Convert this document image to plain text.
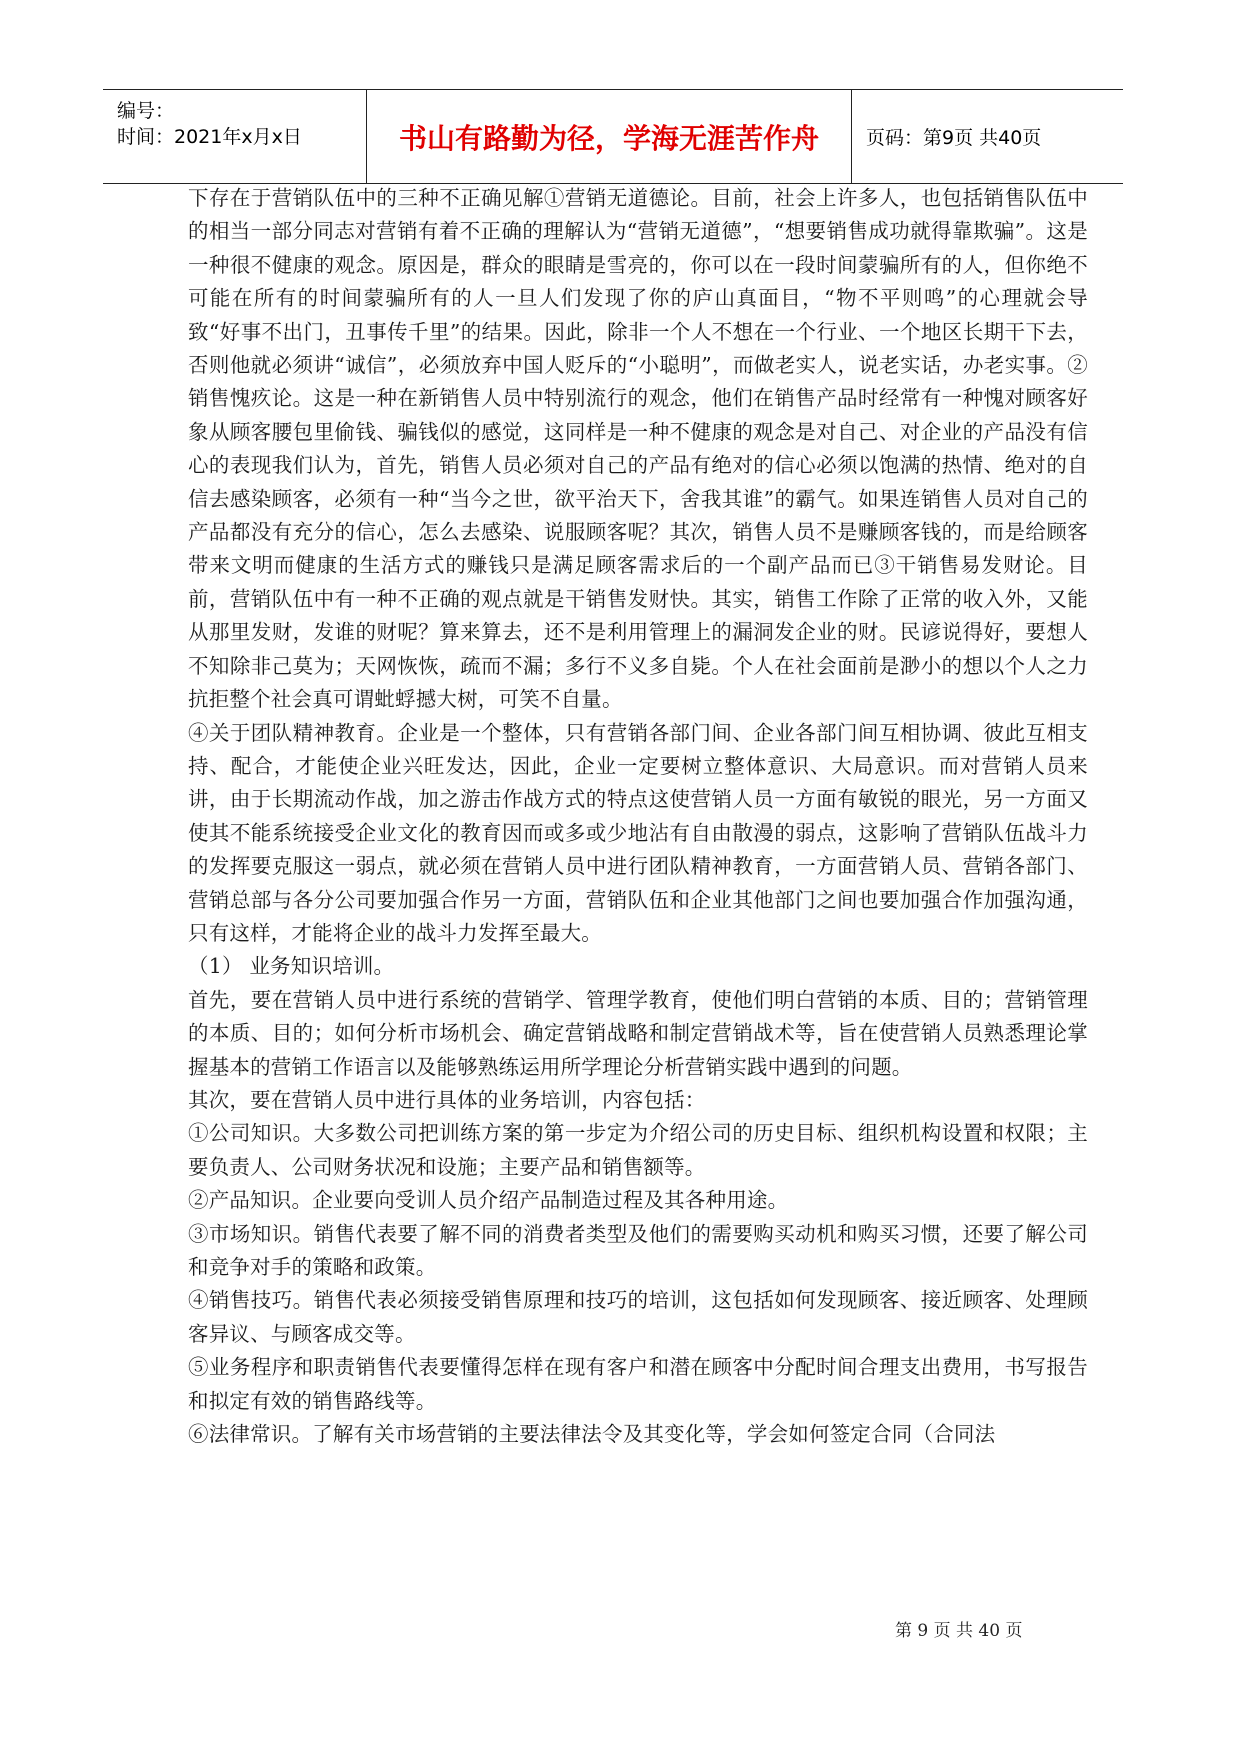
编号：
时间：2021年x月x日	书山有路勤为径，学海无涯苦作舟	页码：第9页 共40页

下存在于营销队伍中的三种不正确见解①营销无道德论。目前，社会上许多人，也包括销售队伍中的相当一部分同志对营销有着不正确的理解认为“营销无道德”，“想要销售成功就得靠欺骗”。这是一种很不健康的观念。原因是，群众的眼睛是雪亮的，你可以在一段时间蒙骗所有的人，但你绝不可能在所有的时间蒙骗所有的人一旦人们发现了你的庐山真面目，“物不平则鸣”的心理就会导致“好事不出门，丑事传千里”的结果。因此，除非一个人不想在一个行业、一个地区长期干下去，否则他就必须讲“诚信”，必须放弃中国人贬斥的“小聪明”，而做老实人，说老实话，办老实事。②销售愧疚论。这是一种在新销售人员中特别流行的观念，他们在销售产品时经常有一种愧对顾客好象从顾客腰包里偷钱、骗钱似的感觉，这同样是一种不健康的观念是对自己、对企业的产品没有信心的表现我们认为，首先，销售人员必须对自己的产品有绝对的信心必须以饱满的热情、绝对的自信去感染顾客，必须有一种“当今之世，欲平治天下，舍我其谁”的霸气。如果连销售人员对自己的产品都没有充分的信心，怎么去感染、说服顾客呢？其次，销售人员不是赚顾客钱的，而是给顾客带来文明而健康的生活方式的赚钱只是满足顾客需求后的一个副产品而已③干销售易发财论。目前，营销队伍中有一种不正确的观点就是干销售发财快。其实，销售工作除了正常的收入外，又能从那里发财，发谁的财呢？算来算去，还不是利用管理上的漏洞发企业的财。民谚说得好，要想人不知除非己莫为；天网恢恢，疏而不漏；多行不义多自毙。个人在社会面前是渺小的想以个人之力抗拒整个社会真可谓蚍蜉撼大树，可笑不自量。

④关于团队精神教育。企业是一个整体，只有营销各部门间、企业各部门间互相协调、彼此互相支持、配合，才能使企业兴旺发达，因此，企业一定要树立整体意识、大局意识。而对营销人员来讲，由于长期流动作战，加之游击作战方式的特点这使营销人员一方面有敏锐的眼光，另一方面又使其不能系统接受企业文化的教育因而或多或少地沾有自由散漫的弱点，这影响了营销队伍战斗力的发挥要克服这一弱点，就必须在营销人员中进行团队精神教育，一方面营销人员、营销各部门、营销总部与各分公司要加强合作另一方面，营销队伍和企业其他部门之间也要加强合作加强沟通，只有这样，才能将企业的战斗力发挥至最大。

（1） 业务知识培训。

首先，要在营销人员中进行系统的营销学、管理学教育，使他们明白营销的本质、目的；营销管理的本质、目的；如何分析市场机会、确定营销战略和制定营销战术等，旨在使营销人员熟悉理论掌握基本的营销工作语言以及能够熟练运用所学理论分析营销实践中遇到的问题。

其次，要在营销人员中进行具体的业务培训，内容包括：

①公司知识。大多数公司把训练方案的第一步定为介绍公司的历史目标、组织机构设置和权限；主要负责人、公司财务状况和设施；主要产品和销售额等。

②产品知识。企业要向受训人员介绍产品制造过程及其各种用途。

③市场知识。销售代表要了解不同的消费者类型及他们的需要购买动机和购买习惯，还要了解公司和竞争对手的策略和政策。

④销售技巧。销售代表必须接受销售原理和技巧的培训，这包括如何发现顾客、接近顾客、处理顾客异议、与顾客成交等。

⑤业务程序和职责销售代表要懂得怎样在现有客户和潜在顾客中分配时间合理支出费用，书写报告和拟定有效的销售路线等。

⑥法律常识。了解有关市场营销的主要法律法令及其变化等，学会如何签定合同（合同法

第 9 页 共 40 页
